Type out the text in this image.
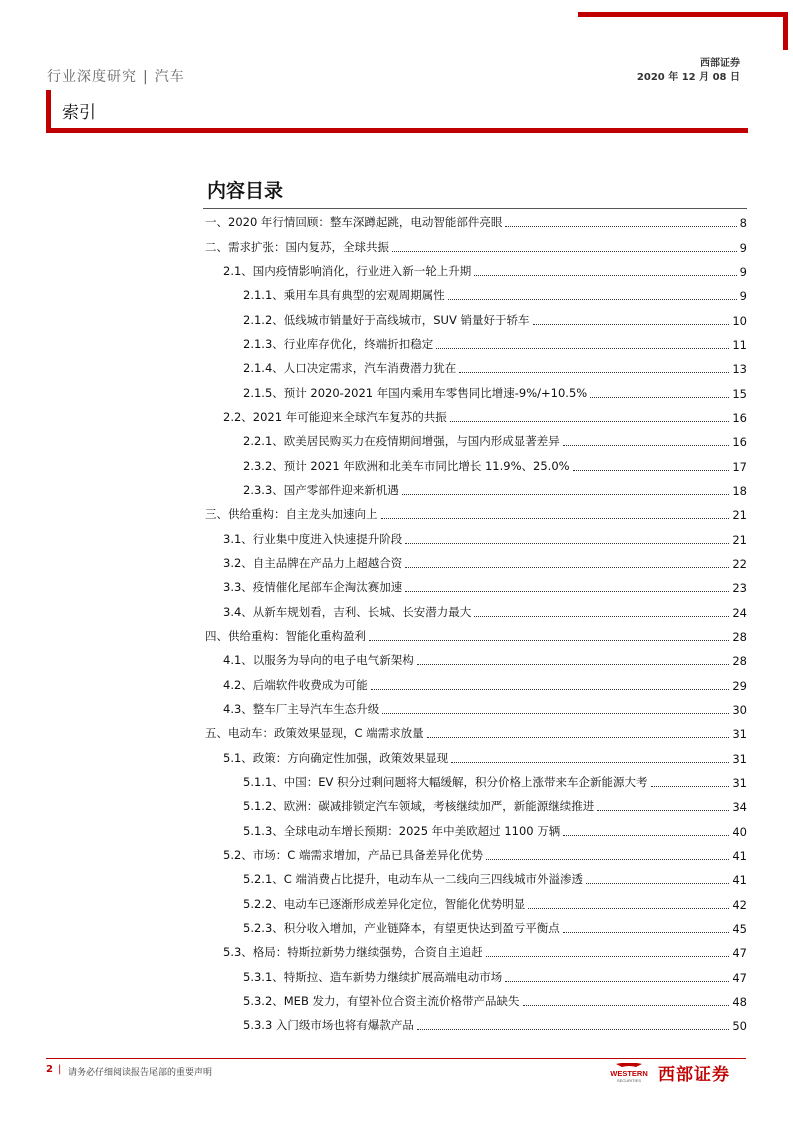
行业深度研究 | 汽车
西部证券
2020 年 12 月 08 日
索引
内容目录
一、2020 年行情回顾：整车深蹲起跳，电动智能部件亮眼	8
二、需求扩张：国内复苏，全球共振	9
2.1、国内疫情影响消化，行业进入新一轮上升期	9
2.1.1、乘用车具有典型的宏观周期属性	9
2.1.2、低线城市销量好于高线城市，SUV 销量好于轿车	10
2.1.3、行业库存优化，终端折扣稳定	11
2.1.4、人口决定需求，汽车消费潜力犹在	13
2.1.5、预计 2020-2021 年国内乘用车零售同比增速-9%/+10.5%	15
2.2、2021 年可能迎来全球汽车复苏的共振	16
2.2.1、欧美居民购买力在疫情期间增强，与国内形成显著差异	16
2.3.2、预计 2021 年欧洲和北美车市同比增长 11.9%、25.0%	17
2.3.3、国产零部件迎来新机遇	18
三、供给重构：自主龙头加速向上	21
3.1、行业集中度进入快速提升阶段	21
3.2、自主品牌在产品力上超越合资	22
3.3、疫情催化尾部车企淘汰赛加速	23
3.4、从新车规划看，吉利、长城、长安潜力最大	24
四、供给重构：智能化重构盈利	28
4.1、以服务为导向的电子电气新架构	28
4.2、后端软件收费成为可能	29
4.3、整车厂主导汽车生态升级	30
五、电动车：政策效果显现，C 端需求放量	31
5.1、政策：方向确定性加强，政策效果显现	31
5.1.1、中国：EV 积分过剩问题将大幅缓解，积分价格上涨带来车企新能源大考	31
5.1.2、欧洲：碳减排锁定汽车领域，考核继续加严，新能源继续推进	34
5.1.3、全球电动车增长预期：2025 年中美欧超过 1100 万辆	40
5.2、市场：C 端需求增加，产品已具备差异化优势	41
5.2.1、C 端消费占比提升，电动车从一二线向三四线城市外溢渗透	41
5.2.2、电动车已逐渐形成差异化定位，智能化优势明显	42
5.2.3、积分收入增加，产业链降本，有望更快达到盈亏平衡点	45
5.3、格局：特斯拉新势力继续强势，合资自主追赶	47
5.3.1、特斯拉、造车新势力继续扩展高端电动市场	47
5.3.2、MEB 发力，有望补位合资主流价格带产品缺失	48
5.3.3 入门级市场也将有爆款产品	50
2 | 请务必仔细阅读报告尾部的重要声明	WESTERN
SECURITIES 西部证券
